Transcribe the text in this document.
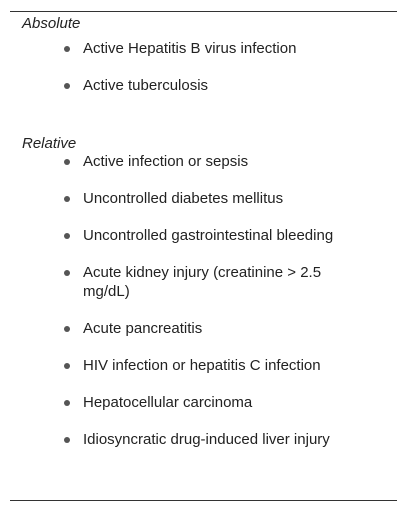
Absolute

Active Hepatitis B virus infection
Active tuberculosis

Relative

Active infection or sepsis
Uncontrolled diabetes mellitus
Uncontrolled gastrointestinal bleeding
Acute kidney injury (creatinine > 2.5 mg/dL)
Acute pancreatitis
HIV infection or hepatitis C infection
Hepatocellular carcinoma
Idiosyncratic drug-induced liver injury
